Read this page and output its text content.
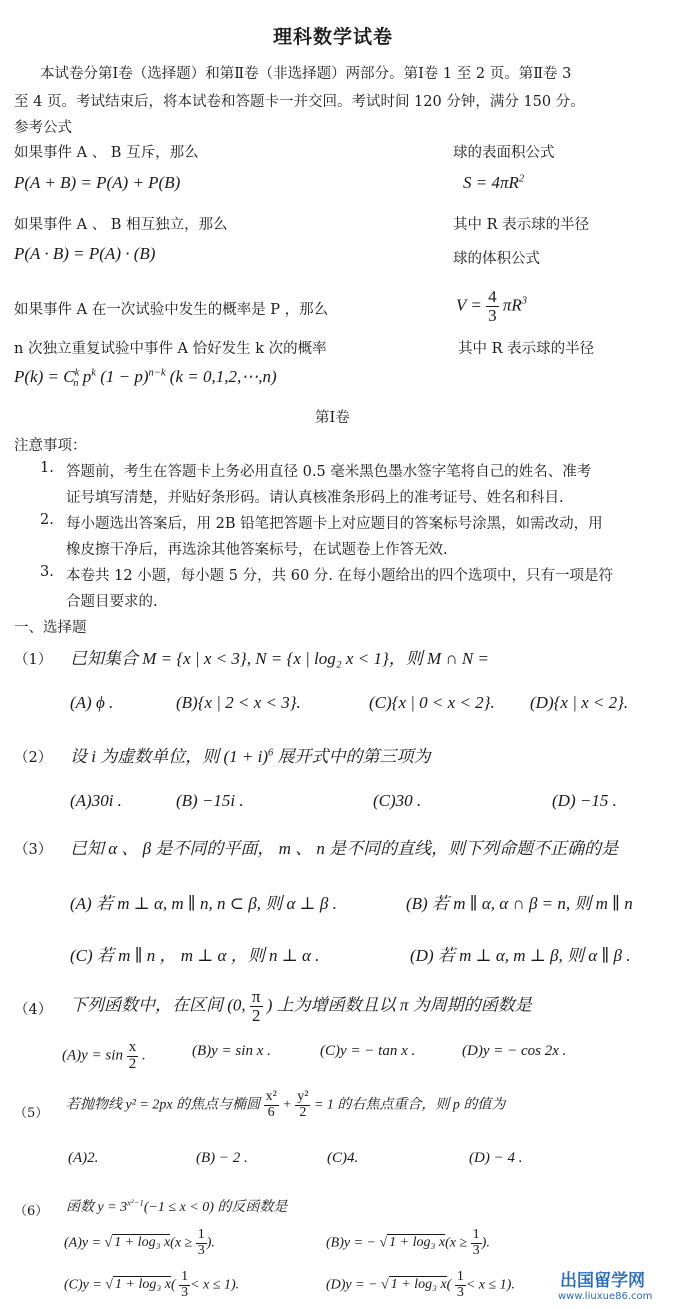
理科数学试卷
本试卷分第Ⅰ卷（选择题）和第Ⅱ卷（非选择题）两部分。第Ⅰ卷 1 至 2 页。第Ⅱ卷 3
至 4 页。考试结束后，将本试卷和答题卡一并交回。考试时间 120 分钟，满分 150 分。
参考公式
如果事件 A 、 B 互斥，那么
P(A + B) = P(A) + P(B)
如果事件 A 、 B 相互独立，那么
P(A · B) = P(A) · (B)
如果事件 A 在一次试验中发生的概率是 P ，那么
n 次独立重复试验中事件 A 恰好发生 k 次的概率
$P(k) = C^k_n$ $p^k$ $(1 - p)^{n-k}$ (k = 0,1,2,⋯,n)
球的表面积公式
$S = 4\pi R^2$
其中 R 表示球的半径
球的体积公式
$V = \frac{4}{3} \pi R^3$
其中 R 表示球的半径
第Ⅰ卷
注意事项：
1. 答题前，考生在答题卡上务必用直径 0.5 毫米黑色墨水签字笔将自己的姓名、准考
证号填写清楚，并贴好条形码。请认真核准条形码上的准考证号、姓名和科目.
2. 每小题选出答案后，用 2B 铅笔把答题卡上对应题目的答案标号涂黑，如需改动，用
橡皮擦干净后，再选涂其他答案标号，在试题卷上作答无效.
3. 本卷共 12 小题，每小题 5 分，共 60 分. 在每小题给出的四个选项中，只有一项是符
合题目要求的.
一、选择题
（1） 已知集合 M = {x | x < 3}, N = {x | log₂ x < 1}，则 M ∩ N =
(A) ϕ .	(B){x | 2 < x < 3}.	(C){x | 0 < x < 2}. (D){x | x < 2}.
（2） 设 i 为虚数单位，则 $(1 + i)^6$ 展开式中的第三项为
(A)30i .	(B) −15i .	(C)30 .	(D) −15 .
（3） 已知 α 、 β 是不同的平面， m 、 n 是不同的直线，则下列命题不正确的是
(A) 若 m ⊥ α, m ∥ n, n ⊂ β, 则 α ⊥ β .	(B) 若 m ∥ α, α ∩ β = n, 则 m ∥ n
(C) 若 m ∥ n ， m ⊥ α ，则 n ⊥ α .	(D) 若 m ⊥ α, m ⊥ β, 则 α ∥ β .
（4） 下列函数中，在区间 (0, $\frac{\pi}{2}$ ) 上为增函数且以 π 为周期的函数是
$(A)y = \sin \frac{x}{2}$ .	(B)y = sin x .	(C)y = − tan x .	(D)y = − cos 2x .
（5）
若抛物线 y² = 2px 的焦点与椭圆 $\frac{\text{x²}}{6} + \frac{\text{y²}}{2} = 1$ 的右焦点重合，则 p 的值为
(A)2.	(B) − 2 .	(C)4.	(D) − 4 .
（6） 函数 $y = 3^{x^2-1}(-1 \le x < 0)$ 的反函数是
(A)y = √ 1 + log₃ $x(x \ge \frac{1}{3}$ ).	(B)y = − √ 1 + log₃ $x(x \ge \frac{1}{3}$ ).
(C)y = √ 1 + log₃ $x( \frac{1}{3} < x \le 1)$.	(D)y = − √ 1 + log₃ $x( \frac{1}{3} < x \le 1)$.	出国留学网
www.liuxue86.com
